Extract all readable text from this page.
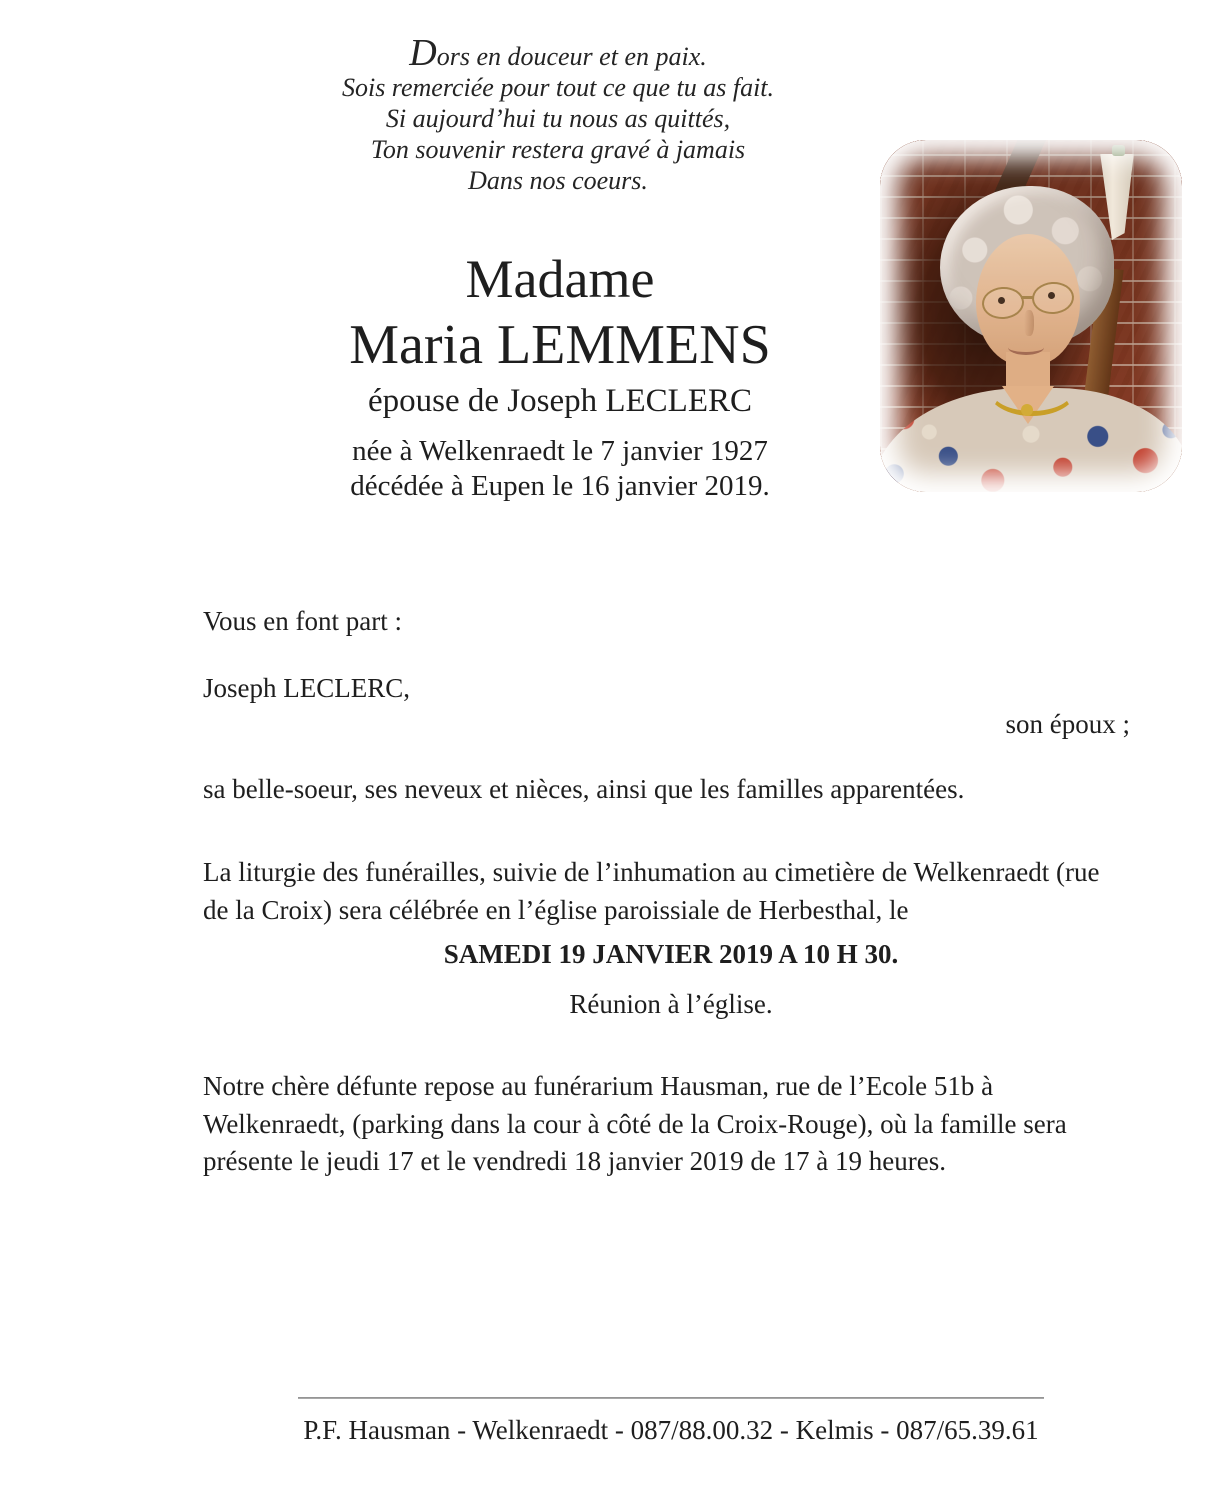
Dors en douceur et en paix.
Sois remerciée pour tout ce que tu as fait.
Si aujourd’hui tu nous as quittés,
Ton souvenir restera gravé à jamais
Dans nos coeurs.
Madame
Maria LEMMENS
épouse de Joseph LECLERC
née à Welkenraedt le 7 janvier 1927
décédée à Eupen le 16 janvier 2019.
Vous en font part :
Joseph LECLERC,
son époux ;
sa belle-soeur, ses neveux et nièces, ainsi que les familles apparentées.
La liturgie des funérailles, suivie de l’inhumation au cimetière de Welkenraedt (rue
de la Croix) sera célébrée en l’église paroissiale de Herbesthal, le
SAMEDI 19 JANVIER 2019 A 10 H 30.
Réunion à l’église.
Notre chère défunte repose au funérarium Hausman, rue de l’Ecole 51b à
Welkenraedt, (parking dans la cour à côté de la Croix-Rouge), où la famille sera
présente le jeudi 17 et le vendredi 18 janvier 2019 de 17 à 19 heures.
P.F. Hausman - Welkenraedt - 087/88.00.32 - Kelmis - 087/65.39.61
